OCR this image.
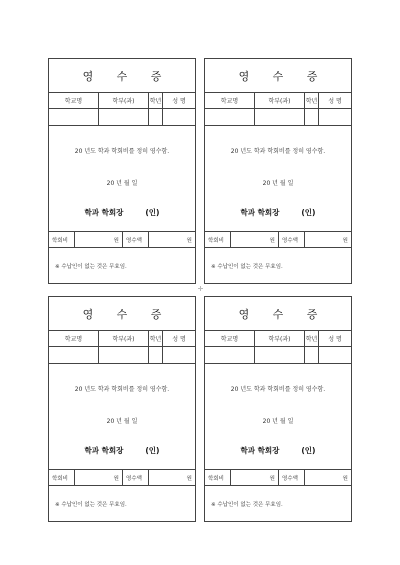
영 수 증
학교명	학부(과)	학년	성 명
20 년도 학과 학회비를 정히 영수함.
20 년 월 일
학과 학회장	(인)
학회비	원	영수액	원
※ 수납인이 없는 것은 무효임.
영 수 증
학교명	학부(과)	학년	성 명
20 년도 학과 학회비를 정히 영수함.
20 년 월 일
학과 학회장	(인)
학회비	원	영수액	원
※ 수납인이 없는 것은 무효임.
영 수 증
학교명	학부(과)	학년	성 명
20 년도 학과 학회비를 정히 영수함.
20 년 월 일
학과 학회장	(인)
학회비	원	영수액	원
※ 수납인이 없는 것은 무효임.
영 수 증
학교명	학부(과)	학년	성 명
20 년도 학과 학회비를 정히 영수함.
20 년 월 일
학과 학회장	(인)
학회비	원	영수액	원
※ 수납인이 없는 것은 무효임.
